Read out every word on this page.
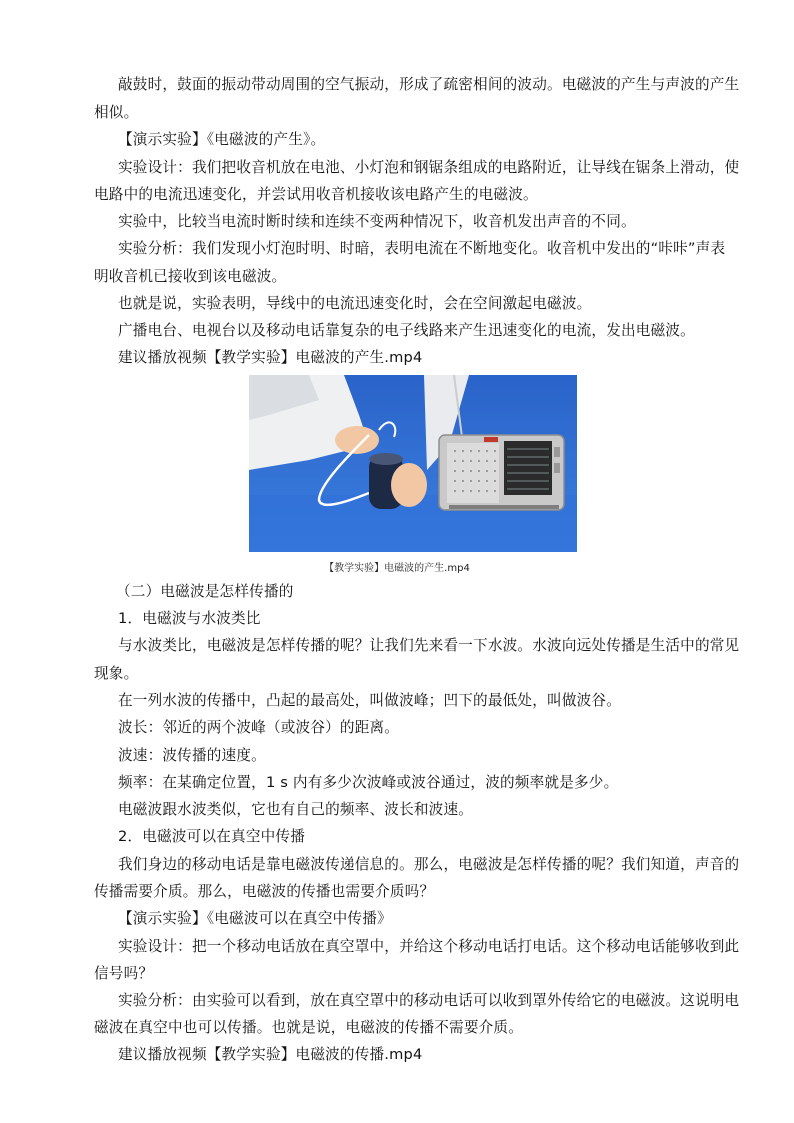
敲鼓时，鼓面的振动带动周围的空气振动，形成了疏密相间的波动。电磁波的产生与声波的产生
相似。
【演示实验】《电磁波的产生》。
实验设计：我们把收音机放在电池、小灯泡和钢锯条组成的电路附近，让导线在锯条上滑动，使
电路中的电流迅速变化，并尝试用收音机接收该电路产生的电磁波。
实验中，比较当电流时断时续和连续不变两种情况下，收音机发出声音的不同。
实验分析：我们发现小灯泡时明、时暗，表明电流在不断地变化。收音机中发出的“咔咔”声表
明收音机已接收到该电磁波。
也就是说，实验表明，导线中的电流迅速变化时，会在空间激起电磁波。
广播电台、电视台以及移动电话靠复杂的电子线路来产生迅速变化的电流，发出电磁波。
建议播放视频【教学实验】电磁波的产生.mp4
【教学实验】电磁波的产生.mp4
（二）电磁波是怎样传播的
1．电磁波与水波类比
与水波类比，电磁波是怎样传播的呢？让我们先来看一下水波。水波向远处传播是生活中的常见
现象。
在一列水波的传播中，凸起的最高处，叫做波峰；凹下的最低处，叫做波谷。
波长：邻近的两个波峰（或波谷）的距离。
波速：波传播的速度。
频率：在某确定位置，1 s 内有多少次波峰或波谷通过，波的频率就是多少。
电磁波跟水波类似，它也有自己的频率、波长和波速。
2．电磁波可以在真空中传播
我们身边的移动电话是靠电磁波传递信息的。那么，电磁波是怎样传播的呢？我们知道，声音的
传播需要介质。那么，电磁波的传播也需要介质吗？
【演示实验】《电磁波可以在真空中传播》
实验设计：把一个移动电话放在真空罩中，并给这个移动电话打电话。这个移动电话能够收到此
信号吗？
实验分析：由实验可以看到，放在真空罩中的移动电话可以收到罩外传给它的电磁波。这说明电
磁波在真空中也可以传播。也就是说，电磁波的传播不需要介质。
建议播放视频【教学实验】电磁波的传播.mp4
